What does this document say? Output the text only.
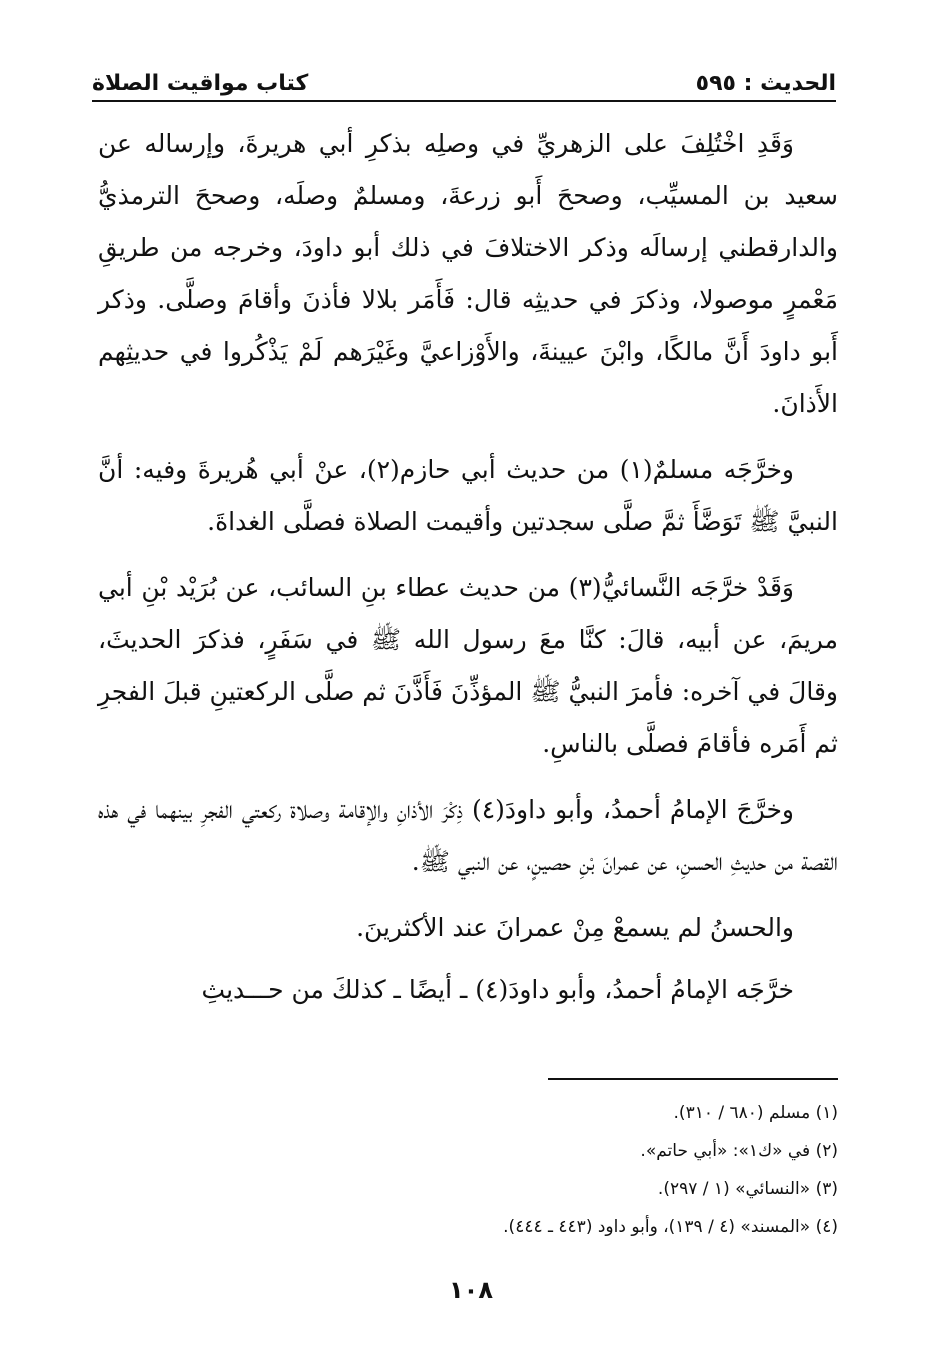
الحديث : ٥٩٥
كتاب مواقيت الصلاة

وَقَدِ اخْتُلِفَ على الزهريِّ في وصلِه بذكرِ أبي هريرةَ، وإرساله عن سعيد بن المسيِّب، وصححَ أَبو زرعةَ، ومسلمٌ وصلَه، وصححَ الترمذيُّ والدارقطني إرسالَه وذكر الاختلافَ في ذلك أبو داودَ، وخرجه من طريقِ مَعْمرٍ موصولا، وذكرَ في حديثِه قال: فَأَمَر بلالا فأذنَ وأقامَ وصلَّى. وذكر أَبو داودَ أَنَّ مالكًا، وابْنَ عيينةَ، والأَوْزاعيَّ وغَيْرَهم لَمْ يَذْكُروا في حديثِهم الأَذانَ.

وخرَّجَه مسلمٌ(١) من حديث أبي حازم(٢)، عنْ أبي هُريرةَ وفيه: أنَّ النبيَّ ﷺ تَوَضَّأَ ثمَّ صلَّى سجدتين وأقيمت الصلاة فصلَّى الغداةَ.

وَقَدْ خرَّجَه النَّسائيُّ(٣) من حديث عطاء بنِ السائب، عن بُرَيْد بْنِ أبي مريمَ، عن أبيه، قالَ: كنَّا معَ رسول الله ﷺ في سَفَرٍ، فذكرَ الحديثَ، وقالَ في آخره: فأمرَ النبيُّ ﷺ المؤذِّنَ فَأَذَّنَ ثم صلَّى الركعتينِ قبلَ الفجرِ ثم أَمَره فأقامَ فصلَّى بالناسِ.

وخرَّجَ الإمامُ أحمدُ، وأبو داودَ(٤) ذِكْرَ الأذانِ والإقامة وصلاة ركعتي الفجرِ بينهما في هذه القصة من حديثِ الحسنِ، عن عمرانَ بْنِ حصينٍ، عن النبي ﷺ.

والحسنُ لم يسمعْ مِنْ عمرانَ عند الأكثرينَ.

خرَّجَه الإمامُ أحمدُ، وأبو داودَ(٤) ـ أيضًا ـ كذلكَ من حـــديثِ

(١) مسلم (٦٨٠ / ٣١٠).
(٢) في «ك١»: «أبي حاتم».
(٣) «النسائي» (١ / ٢٩٧).
(٤) «المسند» (٤ / ١٣٩)، وأبو داود (٤٤٣ ـ ٤٤٤).
١٠٨
